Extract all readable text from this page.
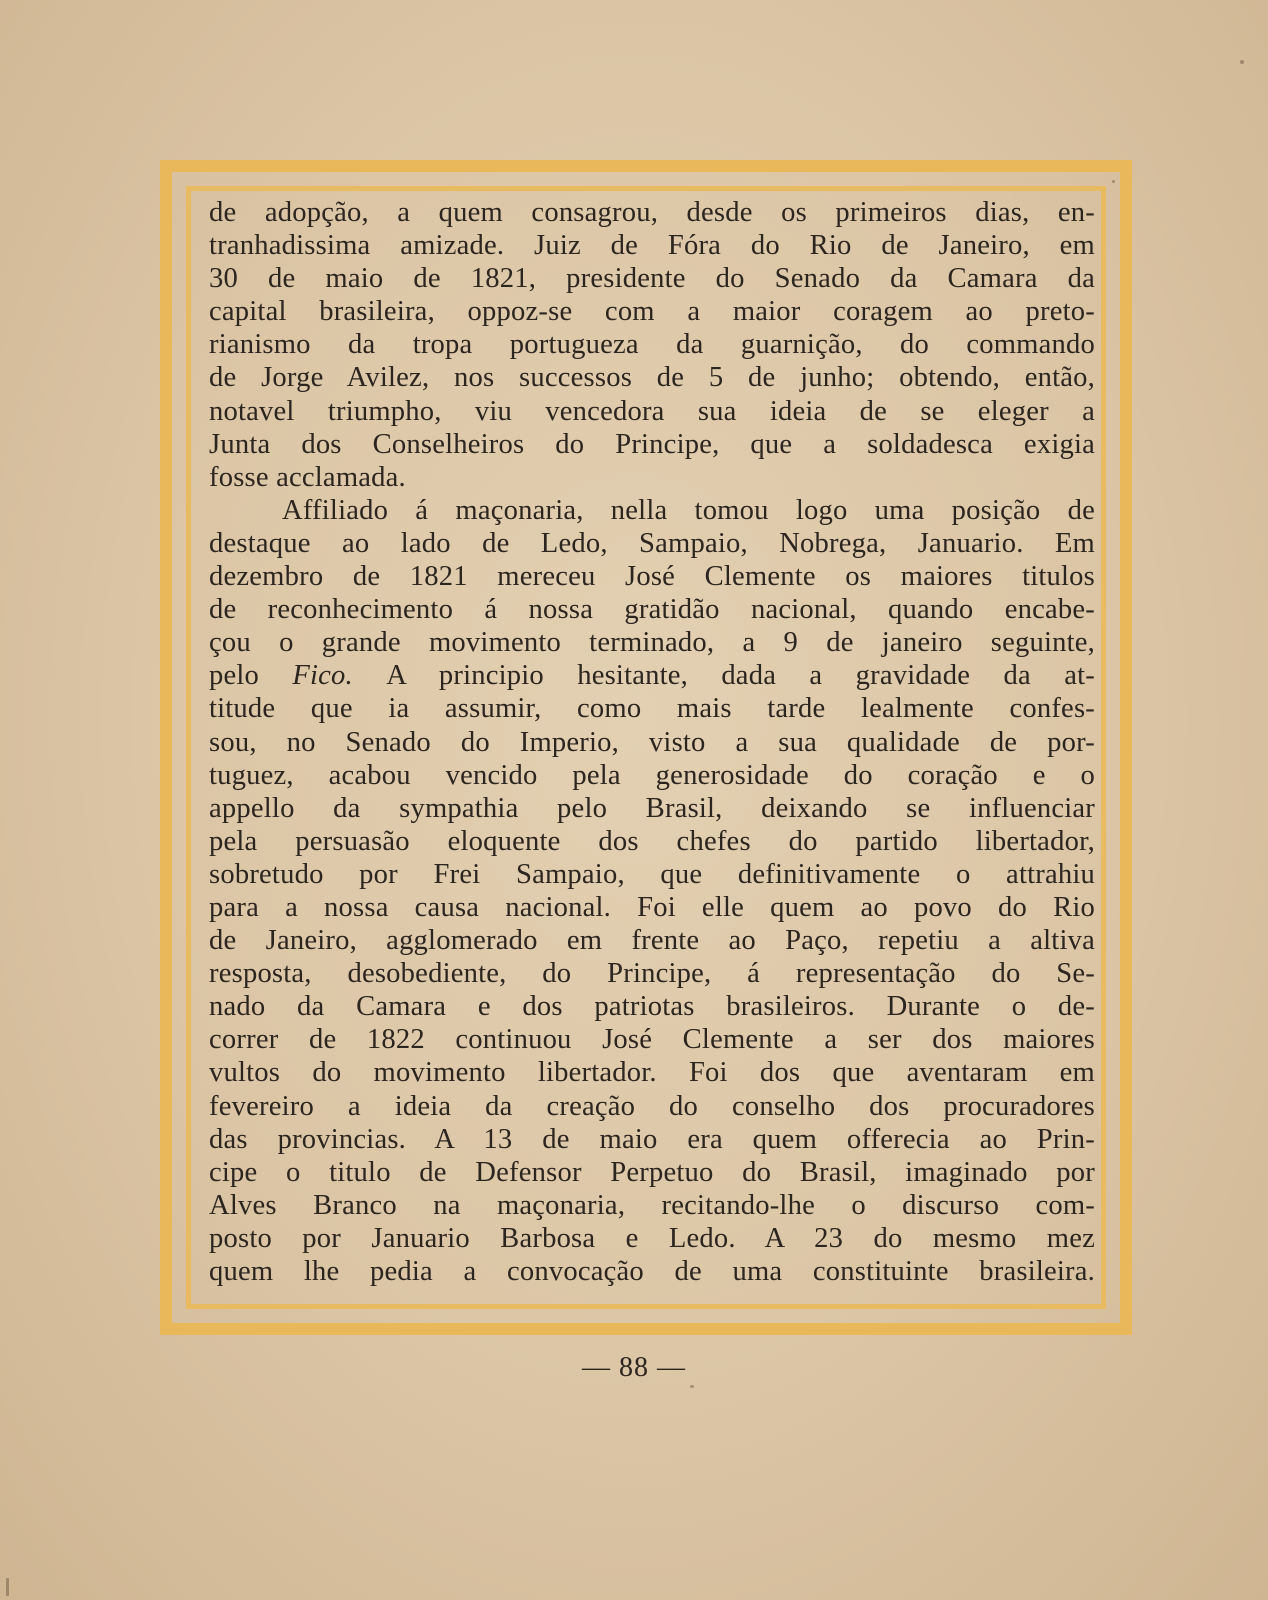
de adopção, a quem consagrou, desde os primeiros dias, en-
tranhadissima amizade. Juiz de Fóra do Rio de Janeiro, em
30 de maio de 1821, presidente do Senado da Camara da
capital brasileira, oppoz-se com a maior coragem ao preto-
rianismo da tropa portugueza da guarnição, do commando
de Jorge Avilez, nos successos de 5 de junho; obtendo, então,
notavel triumpho, viu vencedora sua ideia de se eleger a
Junta dos Conselheiros do Principe, que a soldadesca exigia
fosse acclamada.
Affiliado á maçonaria, nella tomou logo uma posição de
destaque ao lado de Ledo, Sampaio, Nobrega, Januario. Em
dezembro de 1821 mereceu José Clemente os maiores titulos
de reconhecimento á nossa gratidão nacional, quando encabe-
çou o grande movimento terminado, a 9 de janeiro seguinte,
pelo Fico. A principio hesitante, dada a gravidade da at-
titude que ia assumir, como mais tarde lealmente confes-
sou, no Senado do Imperio, visto a sua qualidade de por-
tuguez, acabou vencido pela generosidade do coração e o
appello da sympathia pelo Brasil, deixando se influenciar
pela persuasão eloquente dos chefes do partido libertador,
sobretudo por Frei Sampaio, que definitivamente o attrahiu
para a nossa causa nacional. Foi elle quem ao povo do Rio
de Janeiro, agglomerado em frente ao Paço, repetiu a altiva
resposta, desobediente, do Principe, á representação do Se-
nado da Camara e dos patriotas brasileiros. Durante o de-
correr de 1822 continuou José Clemente a ser dos maiores
vultos do movimento libertador. Foi dos que aventaram em
fevereiro a ideia da creação do conselho dos procuradores
das provincias. A 13 de maio era quem offerecia ao Prin-
cipe o titulo de Defensor Perpetuo do Brasil, imaginado por
Alves Branco na maçonaria, recitando-lhe o discurso com-
posto por Januario Barbosa e Ledo. A 23 do mesmo mez
quem lhe pedia a convocação de uma constituinte brasileira.
— 88 —
